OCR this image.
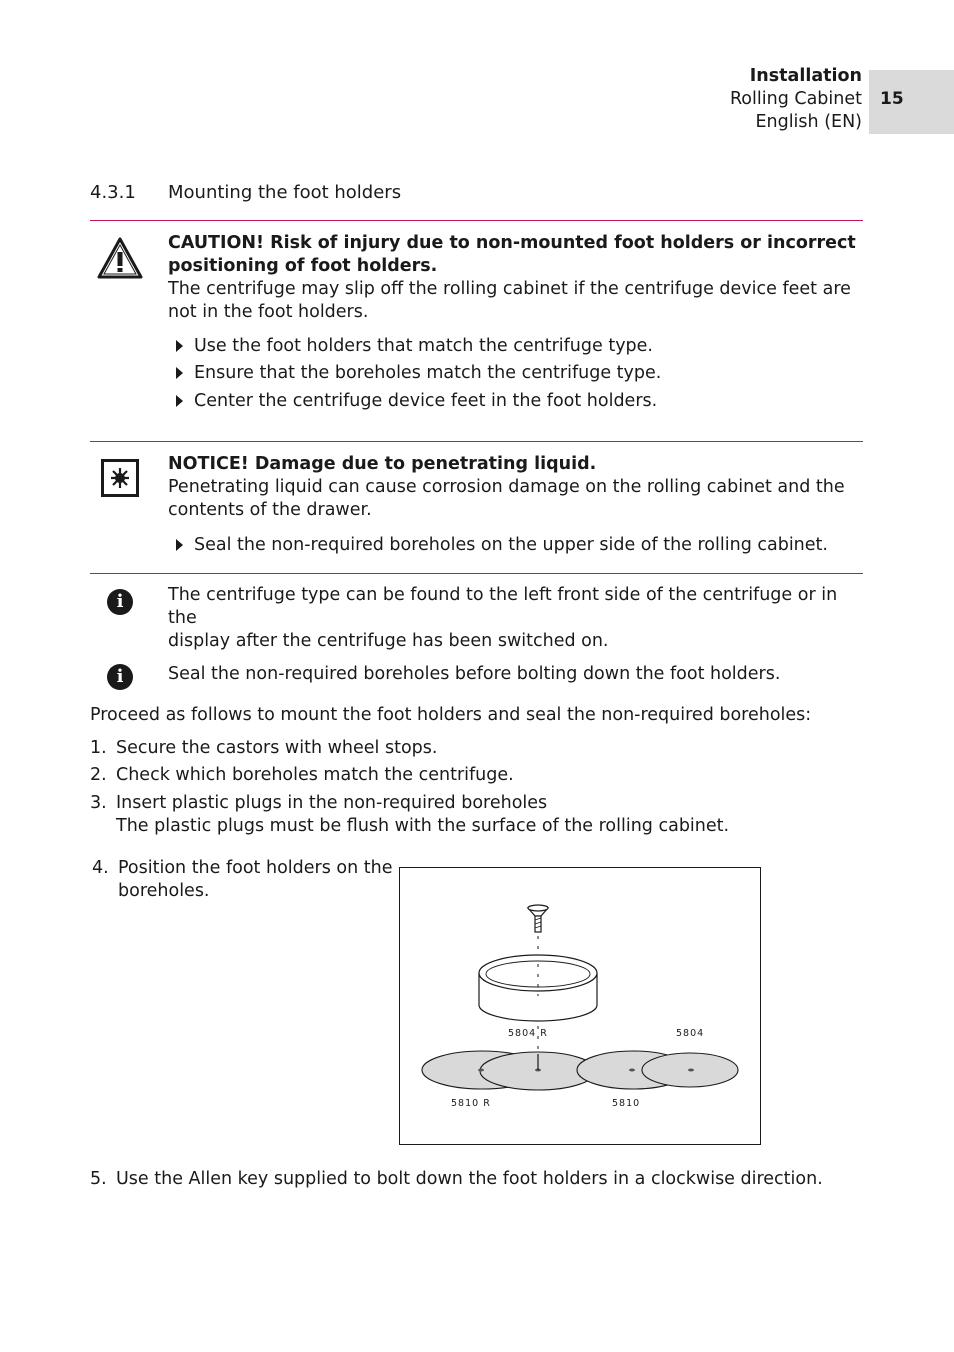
Installation
Rolling Cabinet
English (EN)
15
4.3.1 Mounting the foot holders
CAUTION! Risk of injury due to non-mounted foot holders or incorrect
positioning of foot holders.
The centrifuge may slip off the rolling cabinet if the centrifuge device feet are
not in the foot holders.
Use the foot holders that match the centrifuge type.
Ensure that the boreholes match the centrifuge type.
Center the centrifuge device feet in the foot holders.
NOTICE! Damage due to penetrating liquid.
Penetrating liquid can cause corrosion damage on the rolling cabinet and the
contents of the drawer.
Seal the non-required boreholes on the upper side of the rolling cabinet.
i	The centrifuge type can be found to the left front side of the centrifuge or in the
display after the centrifuge has been switched on.
i	Seal the non-required boreholes before bolting down the foot holders.
Proceed as follows to mount the foot holders and seal the non-required boreholes:
1. Secure the castors with wheel stops.
2. Check which boreholes match the centrifuge.
3. Insert plastic plugs in the non-required boreholes
The plastic plugs must be flush with the surface of the rolling cabinet.
4. Position the foot holders on the
boreholes.
5804 R	5804
5810 R	5810
5. Use the Allen key supplied to bolt down the foot holders in a clockwise direction.
